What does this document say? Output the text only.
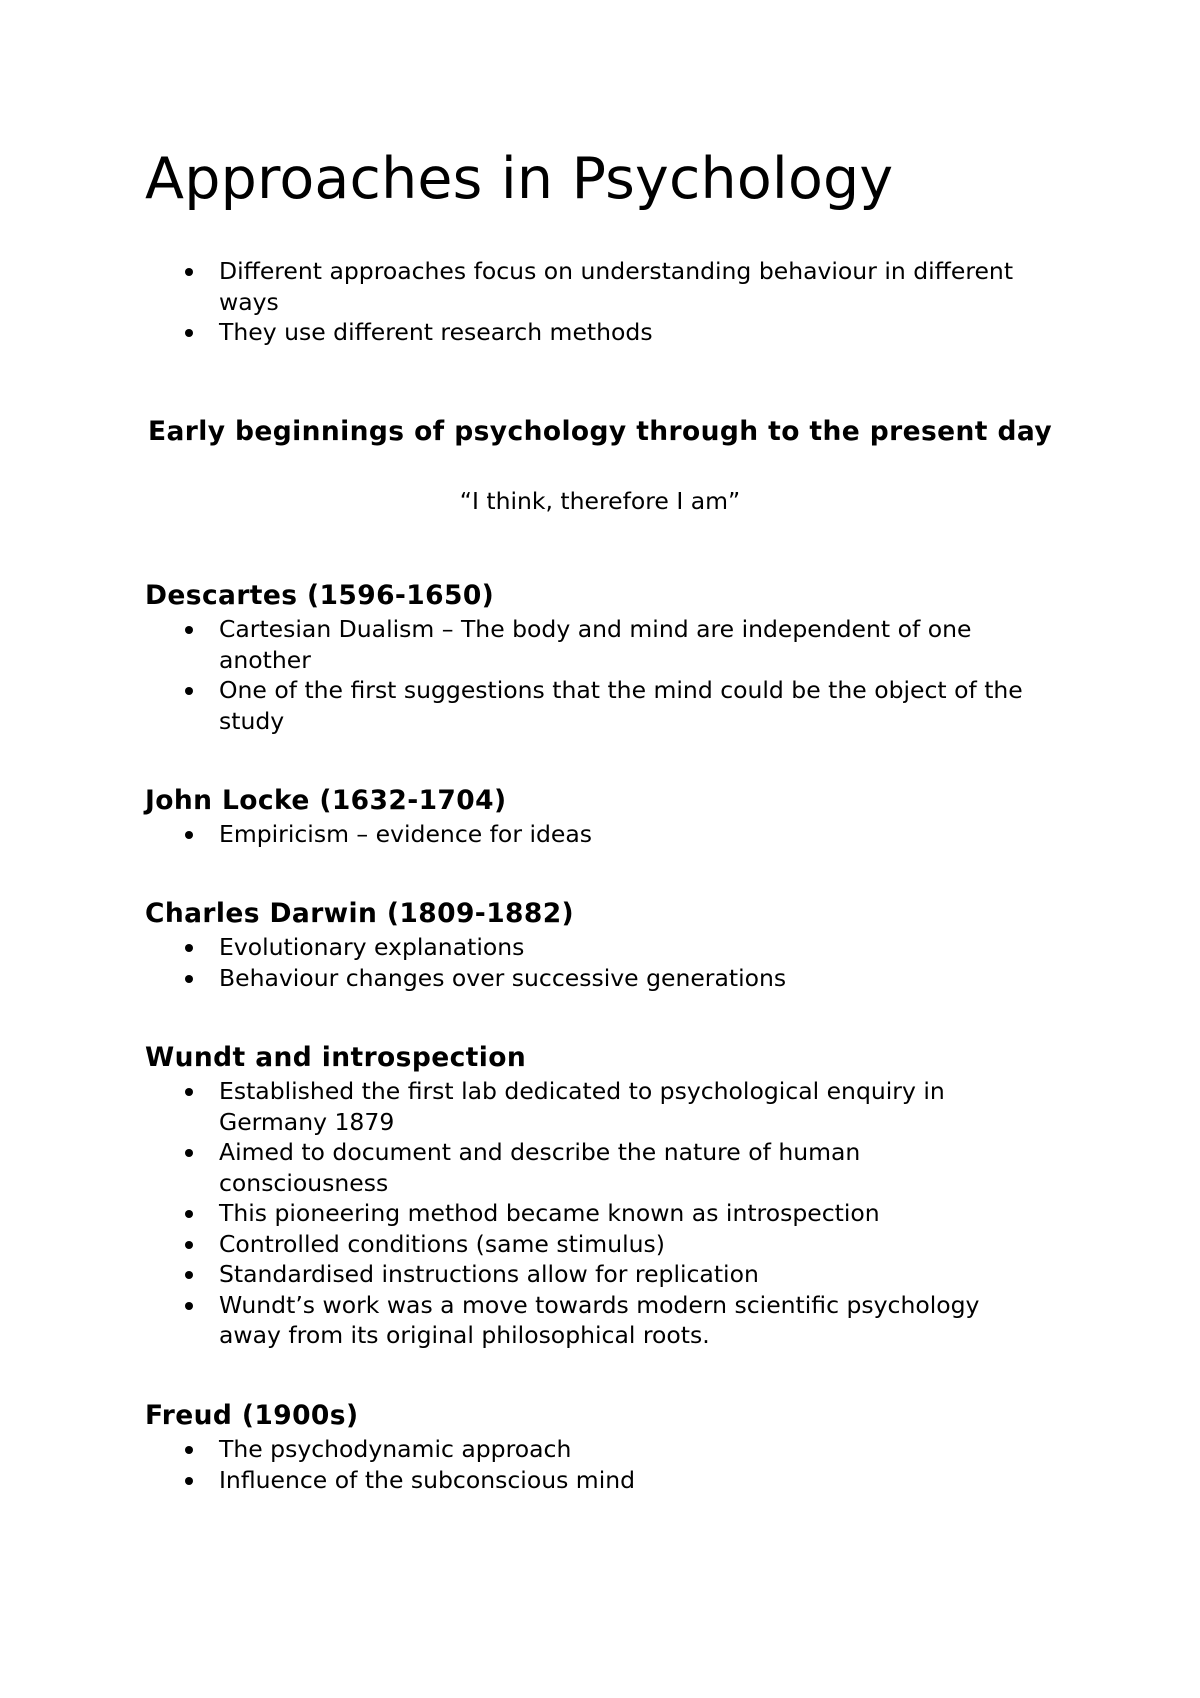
Approaches in Psychology
Different approaches focus on understanding behaviour in different ways
They use different research methods
Early beginnings of psychology through to the present day

“I think, therefore I am”

Descartes (1596-1650)
Cartesian Dualism – The body and mind are independent of one another
One of the first suggestions that the mind could be the object of the study
John Locke (1632-1704)
Empiricism – evidence for ideas
Charles Darwin (1809-1882)
Evolutionary explanations
Behaviour changes over successive generations
Wundt and introspection
Established the first lab dedicated to psychological enquiry in Germany 1879
Aimed to document and describe the nature of human consciousness
This pioneering method became known as introspection
Controlled conditions (same stimulus)
Standardised instructions allow for replication
Wundt’s work was a move towards modern scientific psychology away from its original philosophical roots.
Freud (1900s)
The psychodynamic approach
Influence of the subconscious mind
